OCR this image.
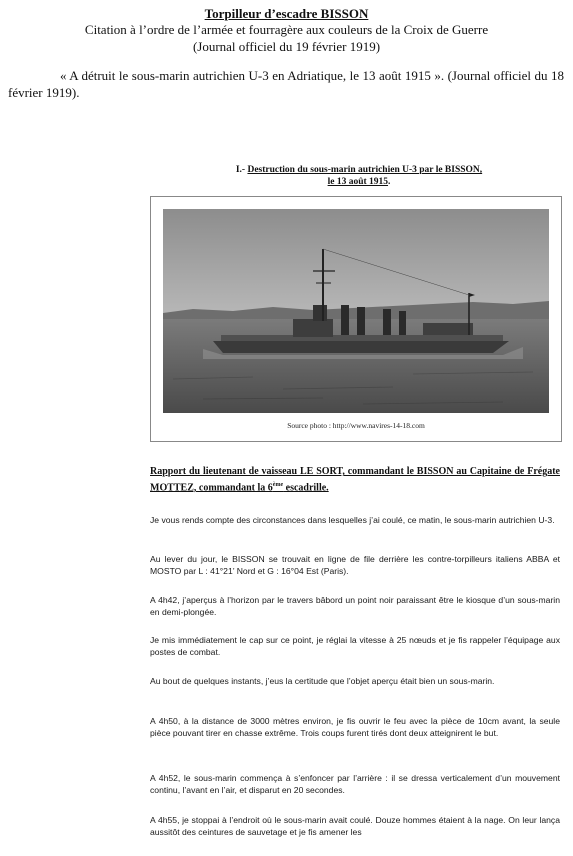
Torpilleur d’escadre BISSON
Citation à l’ordre de l’armée et fourragère aux couleurs de la Croix de Guerre
(Journal officiel du 19 février 1919)

« A détruit le sous-marin autrichien U-3 en Adriatique, le 13 août 1915 ». (Journal officiel du 18 février 1919).

I.- Destruction du sous-marin autrichien U-3 par le BISSON,
le 13 août 1915.
Source photo : http://www.navires-14-18.com
Rapport du lieutenant de vaisseau LE SORT, commandant le BISSON au Capitaine de Frégate MOTTEZ, commandant la 6ème escadrille.

Je vous rends compte des circonstances dans lesquelles j’ai coulé, ce matin, le sous-marin autrichien U-3.

Au lever du jour, le BISSON se trouvait en ligne de file derrière les contre-torpilleurs italiens ABBA et MOSTO par L : 41°21’ Nord et G : 16°04 Est (Paris).

A 4h42, j’aperçus à l’horizon par le travers bâbord un point noir paraissant être le kiosque d’un sous-marin en demi-plongée.

Je mis immédiatement le cap sur ce point, je réglai la vitesse à 25 nœuds et je fis rappeler l’équipage aux postes de combat.

Au bout de quelques instants, j’eus la certitude que l’objet aperçu était bien un sous-marin.

A 4h50, à la distance de 3000 mètres environ, je fis ouvrir le feu avec la pièce de 10cm avant, la seule pièce pouvant tirer en chasse extrême. Trois coups furent tirés dont deux atteignirent le but.

A 4h52, le sous-marin commença à s’enfoncer par l’arrière : il se dressa verticalement d’un mouvement continu, l’avant en l’air, et disparut en 20 secondes.

A 4h55, je stoppai à l’endroit où le sous-marin avait coulé. Douze hommes étaient à la nage. On leur lança aussitôt des ceintures de sauvetage et je fis amener les
